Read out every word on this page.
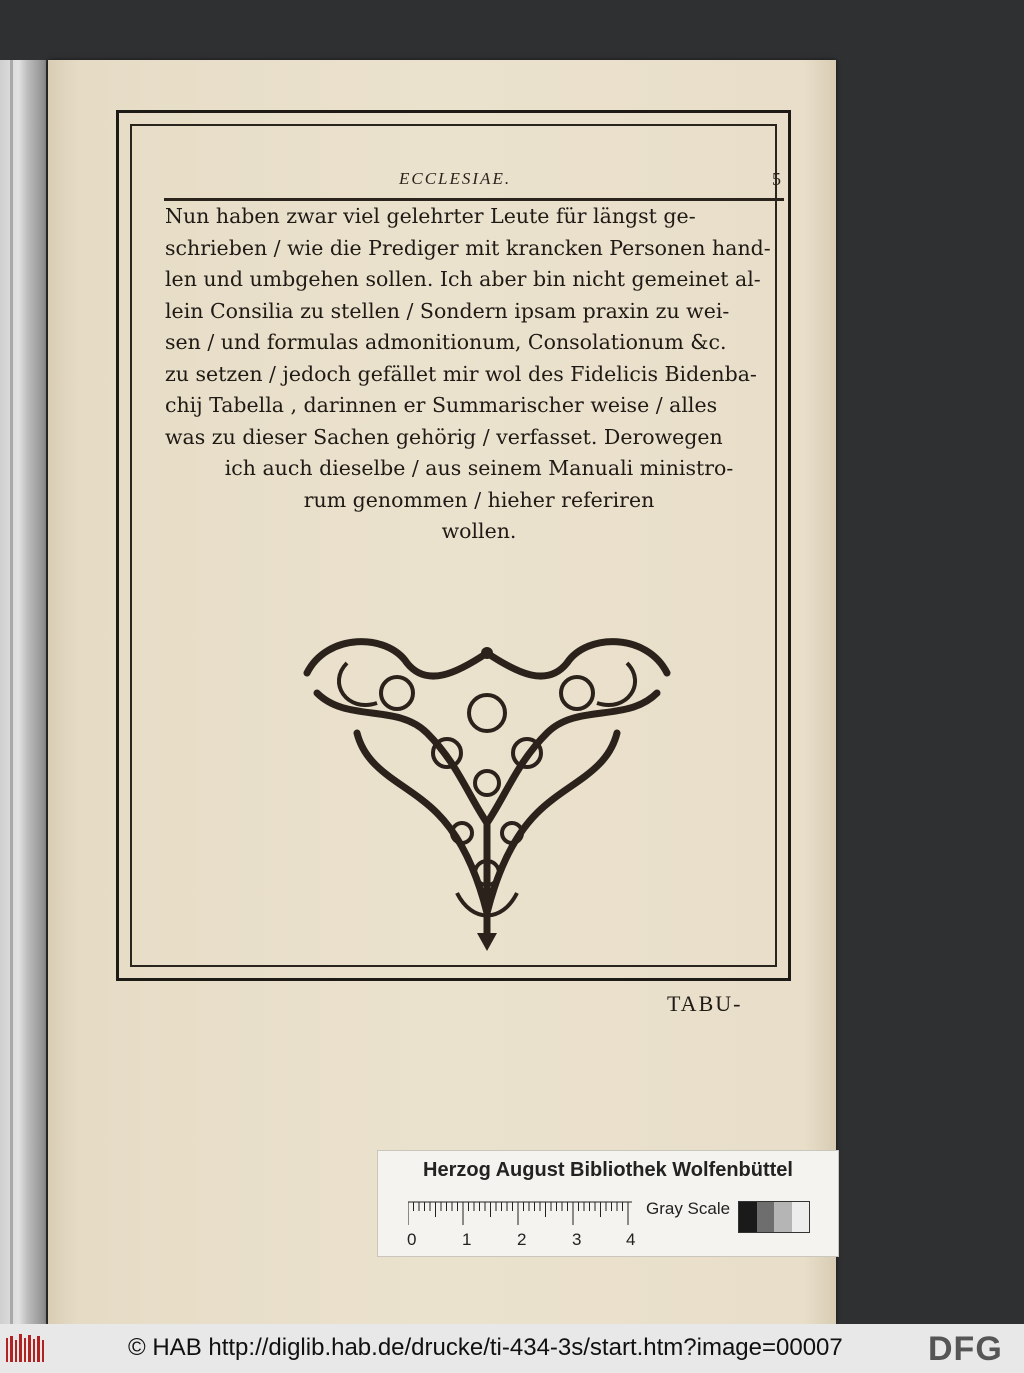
ECCLESIAE.	5
Nun haben zwar viel gelehrter Leute für längst ge-
schrieben / wie die Prediger mit krancken Personen hand-
len und umbgehen sollen. Ich aber bin nicht gemeinet al-
lein Consilia zu stellen / Sondern ipsam praxin zu wei-
sen / und formulas admonitionum, Consolationum &c.
zu setzen / jedoch gefället mir wol des Fidelicis Bidenba-
chij Tabella , darinnen er Summarischer weise / alles
was zu dieser Sachen gehörig / verfasset. Derowegen
ich auch dieselbe / aus seinem Manuali ministro-
rum genommen / hieher referiren
wollen.
TABU-
Herzog August Bibliothek Wolfenbüttel
0	1	2	3	4
Gray Scale
© HAB http://diglib.hab.de/drucke/ti-434-3s/start.htm?image=00007	DFG
